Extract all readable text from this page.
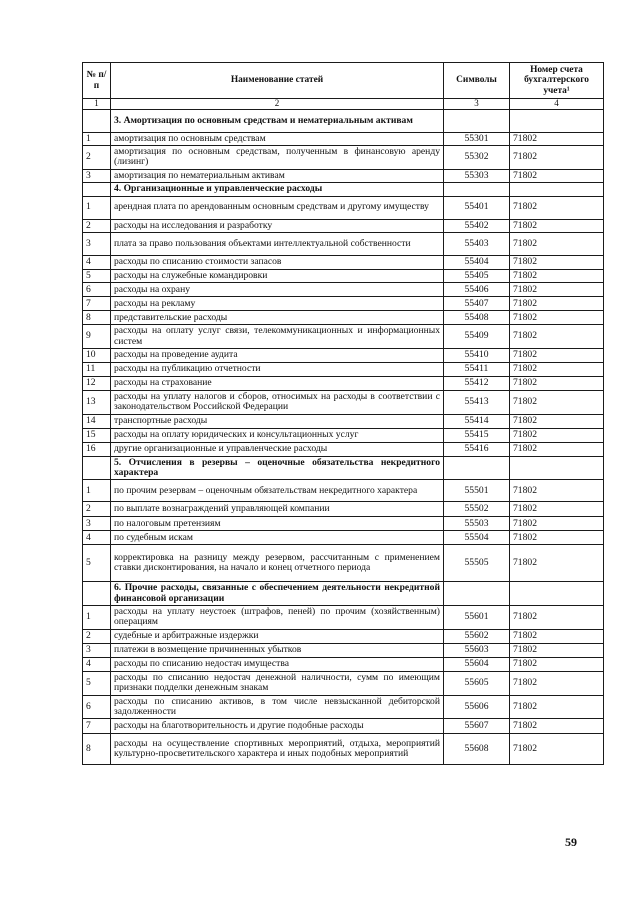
№ п/п	Наименование статей	Символы	Номер счета бухгалтерского учета¹
1	2	3	4
	3. Амортизация по основным средствам и нематериальным активам		
1	амортизация по основным средствам	55301	71802
2	амортизация по основным средствам, полученным в финансовую аренду (лизинг)	55302	71802
3	амортизация по нематериальным активам	55303	71802
	4. Организационные и управленческие расходы		
1	арендная плата по арендованным основным средствам и другому имуществу	55401	71802
2	расходы на исследования и разработку	55402	71802
3	плата за право пользования объектами интеллектуальной собственности	55403	71802
4	расходы по списанию стоимости запасов	55404	71802
5	расходы на служебные командировки	55405	71802
6	расходы на охрану	55406	71802
7	расходы на рекламу	55407	71802
8	представительские расходы	55408	71802
9	расходы на оплату услуг связи, телекоммуникационных и информационных систем	55409	71802
10	расходы на проведение аудита	55410	71802
11	расходы на публикацию отчетности	55411	71802
12	расходы на страхование	55412	71802
13	расходы на уплату налогов и сборов, относимых на расходы в соответствии с законодательством Российской Федерации	55413	71802
14	транспортные расходы	55414	71802
15	расходы на оплату юридических и консультационных услуг	55415	71802
16	другие организационные и управленческие расходы	55416	71802
	5. Отчисления в резервы – оценочные обязательства некредитного характера		
1	по прочим резервам – оценочным обязательствам некредитного характера	55501	71802
2	по выплате вознаграждений управляющей компании	55502	71802
3	по налоговым претензиям	55503	71802
4	по судебным искам	55504	71802
5	корректировка на разницу между резервом, рассчитанным с применением ставки дисконтирования, на начало и конец отчетного периода	55505	71802
	6. Прочие расходы, связанные с обеспечением деятельности некредитной финансовой организации		
1	расходы на уплату неустоек (штрафов, пеней) по прочим (хозяйственным) операциям	55601	71802
2	судебные и арбитражные издержки	55602	71802
3	платежи в возмещение причиненных убытков	55603	71802
4	расходы по списанию недостач имущества	55604	71802
5	расходы по списанию недостач денежной наличности, сумм по имеющим признаки подделки денежным знакам	55605	71802
6	расходы по списанию активов, в том числе невзысканной дебиторской задолженности	55606	71802
7	расходы на благотворительность и другие подобные расходы	55607	71802
8	расходы на осуществление спортивных мероприятий, отдыха, мероприятий культурно-просветительского характера и иных подобных мероприятий	55608	71802
59
